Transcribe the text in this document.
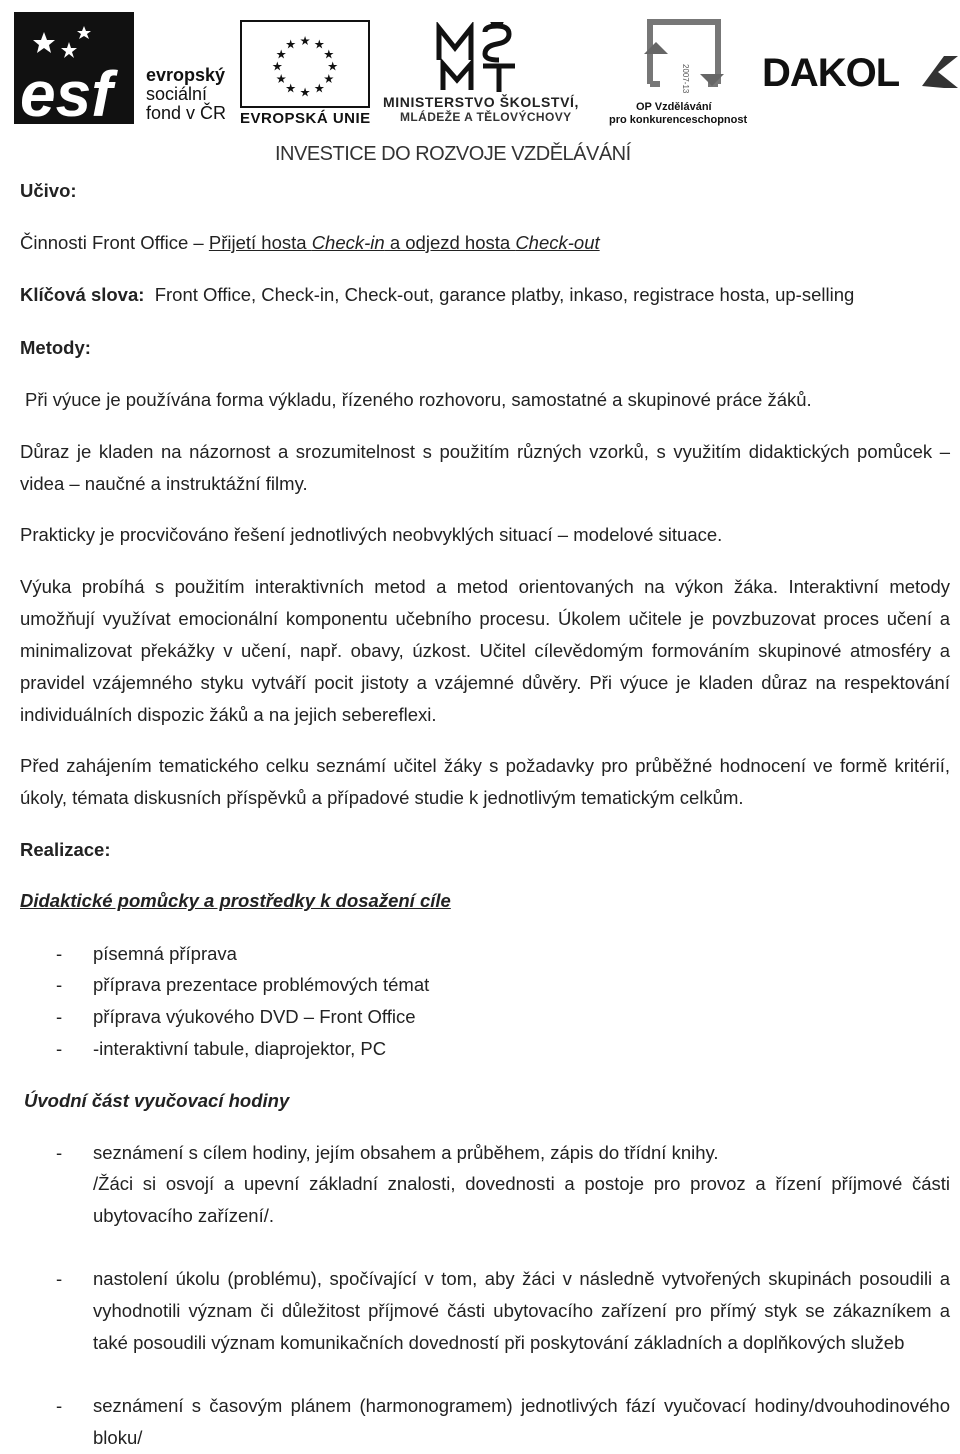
esf	evropský
sociální
fond v ČR
★ ★
★
★
★
★
★
★
★
★
★
★
EVROPSKÁ UNIE
MINISTERSTVO ŠKOLSTVÍ,
MLÁDEŽE A TĚLOVÝCHOVY
2007-13
OP Vzdělávání
pro konkurenceschopnost
DAKOL
INVESTICE DO ROZVOJE VZDĚLÁVÁNÍ
Učivo:
Činnosti Front Office – Přijetí hosta Check-in a odjezd hosta Check-out
Klíčová slova: Front Office, Check-in, Check-out, garance platby, inkaso, registrace hosta, up-selling
Metody:
Při výuce je používána forma výkladu, řízeného rozhovoru, samostatné a skupinové práce žáků.
Důraz je kladen na názornost a srozumitelnost s použitím různých vzorků, s využitím didaktických pomůcek – videa – naučné a instruktážní filmy.
Prakticky je procvičováno řešení jednotlivých neobvyklých situací – modelové situace.
Výuka probíhá s použitím interaktivních metod a metod orientovaných na výkon žáka. Interaktivní metody umožňují využívat emocionální komponentu učebního procesu. Úkolem učitele je povzbuzovat proces učení a minimalizovat překážky v učení, např. obavy, úzkost. Učitel cílevědomým formováním skupinové atmosféry a pravidel vzájemného styku vytváří pocit jistoty a vzájemné důvěry. Při výuce je kladen důraz na respektování individuálních dispozic žáků a na jejich sebereflexi.
Před zahájením tematického celku seznámí učitel žáky s požadavky pro průběžné hodnocení ve formě kritérií, úkoly, témata diskusních příspěvků a případové studie k jednotlivým tematickým celkům.
Realizace:
Didaktické pomůcky a prostředky k dosažení cíle
- písemná příprava
- příprava prezentace problémových témat
- příprava výukového DVD – Front Office
- -interaktivní tabule, diaprojektor, PC
Úvodní část vyučovací hodiny
- seznámení s cílem hodiny, jejím obsahem a průběhem, zápis do třídní knihy.
/Žáci si osvojí a upevní základní znalosti, dovednosti a postoje pro provoz a řízení příjmové části ubytovacího zařízení/.
- nastolení úkolu (problému), spočívající v tom, aby žáci v následně vytvořených skupinách posoudili a vyhodnotili význam či důležitost příjmové části ubytovacího zařízení pro přímý styk se zákazníkem a také posoudili význam komunikačních dovedností při poskytování základních a doplňkových služeb
- seznámení s časovým plánem (harmonogramem) jednotlivých fází vyučovací hodiny/dvouhodinového bloku/
